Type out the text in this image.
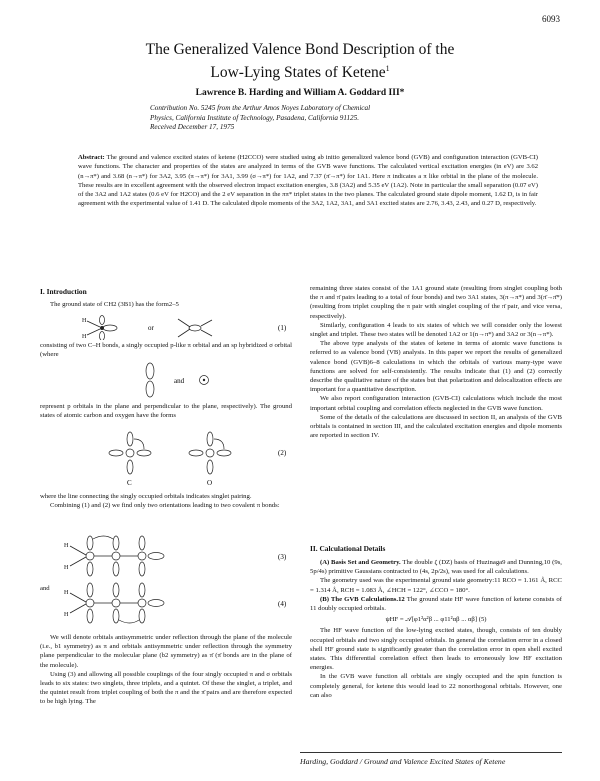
6093
The Generalized Valence Bond Description of the
Low-Lying States of Ketene$^1$
Lawrence B. Harding and William A. Goddard III*
Contribution No. 5245 from the Arthur Amos Noyes Laboratory of Chemical
Physics, California Institute of Technology, Pasadena, California 91125.
Received December 17, 1975
Abstract: The ground and valence excited states of ketene (H2CCO) were studied using ab initio generalized valence bond (GVB) and configuration interaction (GVB-CI) wave functions. The character and properties of the states are analyzed in terms of the GVB wave functions. The calculated vertical excitation energies (in eV) are 3.62 (n→π*) and 3.68 (n→π*) for 3A2, 3.95 (π→π*) for 3A1, 3.99 (σ→π*) for 1A2, and 7.37 (π̄→π*) for 1A1. Here π indicates a π like orbital in the plane of the molecule. These results are in excellent agreement with the observed electron impact excitation energies, 3.8 (3A2) and 5.35 eV (1A2). Note in particular the small separation (0.07 eV) of the 3A2 and 1A2 states (0.6 eV for H2CO) and the 2 eV separation in the ππ* triplet states in the two planes. The calculated ground state dipole moment, 1.62 D, is in fair agreement with the experimental value of 1.41 D. The calculated dipole moments of the 3A2, 1A2, 3A1, and 3A1 excited states are 2.76, 3.43, 2.43, and 0.27 D, respectively.
I. Introduction

The ground state of CH2 (3B1) has the form2–5

H
H
or	(1)

consisting of two C–H bonds, a singly occupied p-like π orbital and an sp hybridized σ orbital (where

and

represent p orbitals in the plane and perpendicular to the plane, respectively). The ground states of atomic carbon and oxygen have the forms

C	O
(2)

where the line connecting the singly occupied orbitals indicates singlet pairing.

Combining (1) and (2) we find only two orientations leading to two covalent π bonds:

H
H
(3)
and
H
H
(4)

We will denote orbitals antisymmetric under reflection through the plane of the molecule (i.e., b1 symmetry) as π and orbitals antisymmetric under reflection through the symmetry plane perpendicular to the molecular plane (b2 symmetry) as π̄ (π̄ bonds are in the plane of the molecule).

Using (3) and allowing all possible couplings of the four singly occupied π and σ orbitals leads to six states: two singlets, three triplets, and a quintet. Of these the singlet, a triplet, and the quintet result from triplet coupling of both the π and the π̄ pairs and are therefore expected to be high lying. The

remaining three states consist of the 1A1 ground state (resulting from singlet coupling both the π and π̄ pairs leading to a total of four bonds) and two 3A1 states, 3(π→π*) and 3(π̄→π̄*) (resulting from triplet coupling the π pair with singlet coupling of the π̄ pair, and vice versa, respectively).

Similarly, configuration 4 leads to six states of which we will consider only the lowest singlet and triplet. These two states will be denoted 1A2 or 1(n→π*) and 3A2 or 3(n→π*).

The above type analysis of the states of ketene in terms of atomic wave functions is referred to as valence bond (VB) analysis. In this paper we report the results of generalized valence bond (GVB)6–8 calculations in which the orbitals of various many-type wave functions are solved for self-consistently. The results indicate that (1) and (2) correctly describe the qualitative nature of the states but that polarization and delocalization effects are important for a quantitative description.

We also report configuration interaction (GVB-CI) calculations which include the most important orbital coupling and correlation effects neglected in the GVB wave function.

Some of the details of the calculations are discussed in section II, an analysis of the GVB orbitals is contained in section III, and the calculated excitation energies and dipole moments are reported in section IV.

II. Calculational Details

(A) Basis Set and Geometry. The double ζ (DZ) basis of Huzinaga9 and Dunning,10 (9s, 5p/4s) primitive Gaussians contracted to (4s, 2p/2s), was used for all calculations.

The geometry used was the experimental ground state geometry:11 RCO = 1.161 Å, RCC = 1.314 Å, RCH = 1.083 Å, ∠HCH = 122°, ∠CCO = 180°.

(B) The GVB Calculations.12 The ground state HF wave function of ketene consists of 11 doubly occupied orbitals.

ψHF = 𝒜[φ1²α²β ... φ11²αβ ... αβ] (5)

The HF wave function of the low-lying excited states, though, consists of ten doubly occupied orbitals and two singly occupied orbitals. In general the correlation error in a closed shell HF ground state is significantly greater than the correlation error in open shell excited states. This differential correlation effect then leads to erroneously low HF excitation energies.

In the GVB wave function all orbitals are singly occupied and the spin function is completely general, for ketene this would lead to 22 nonorthogonal orbitals. However, one can also

Harding, Goddard / Ground and Valence Excited States of Ketene
